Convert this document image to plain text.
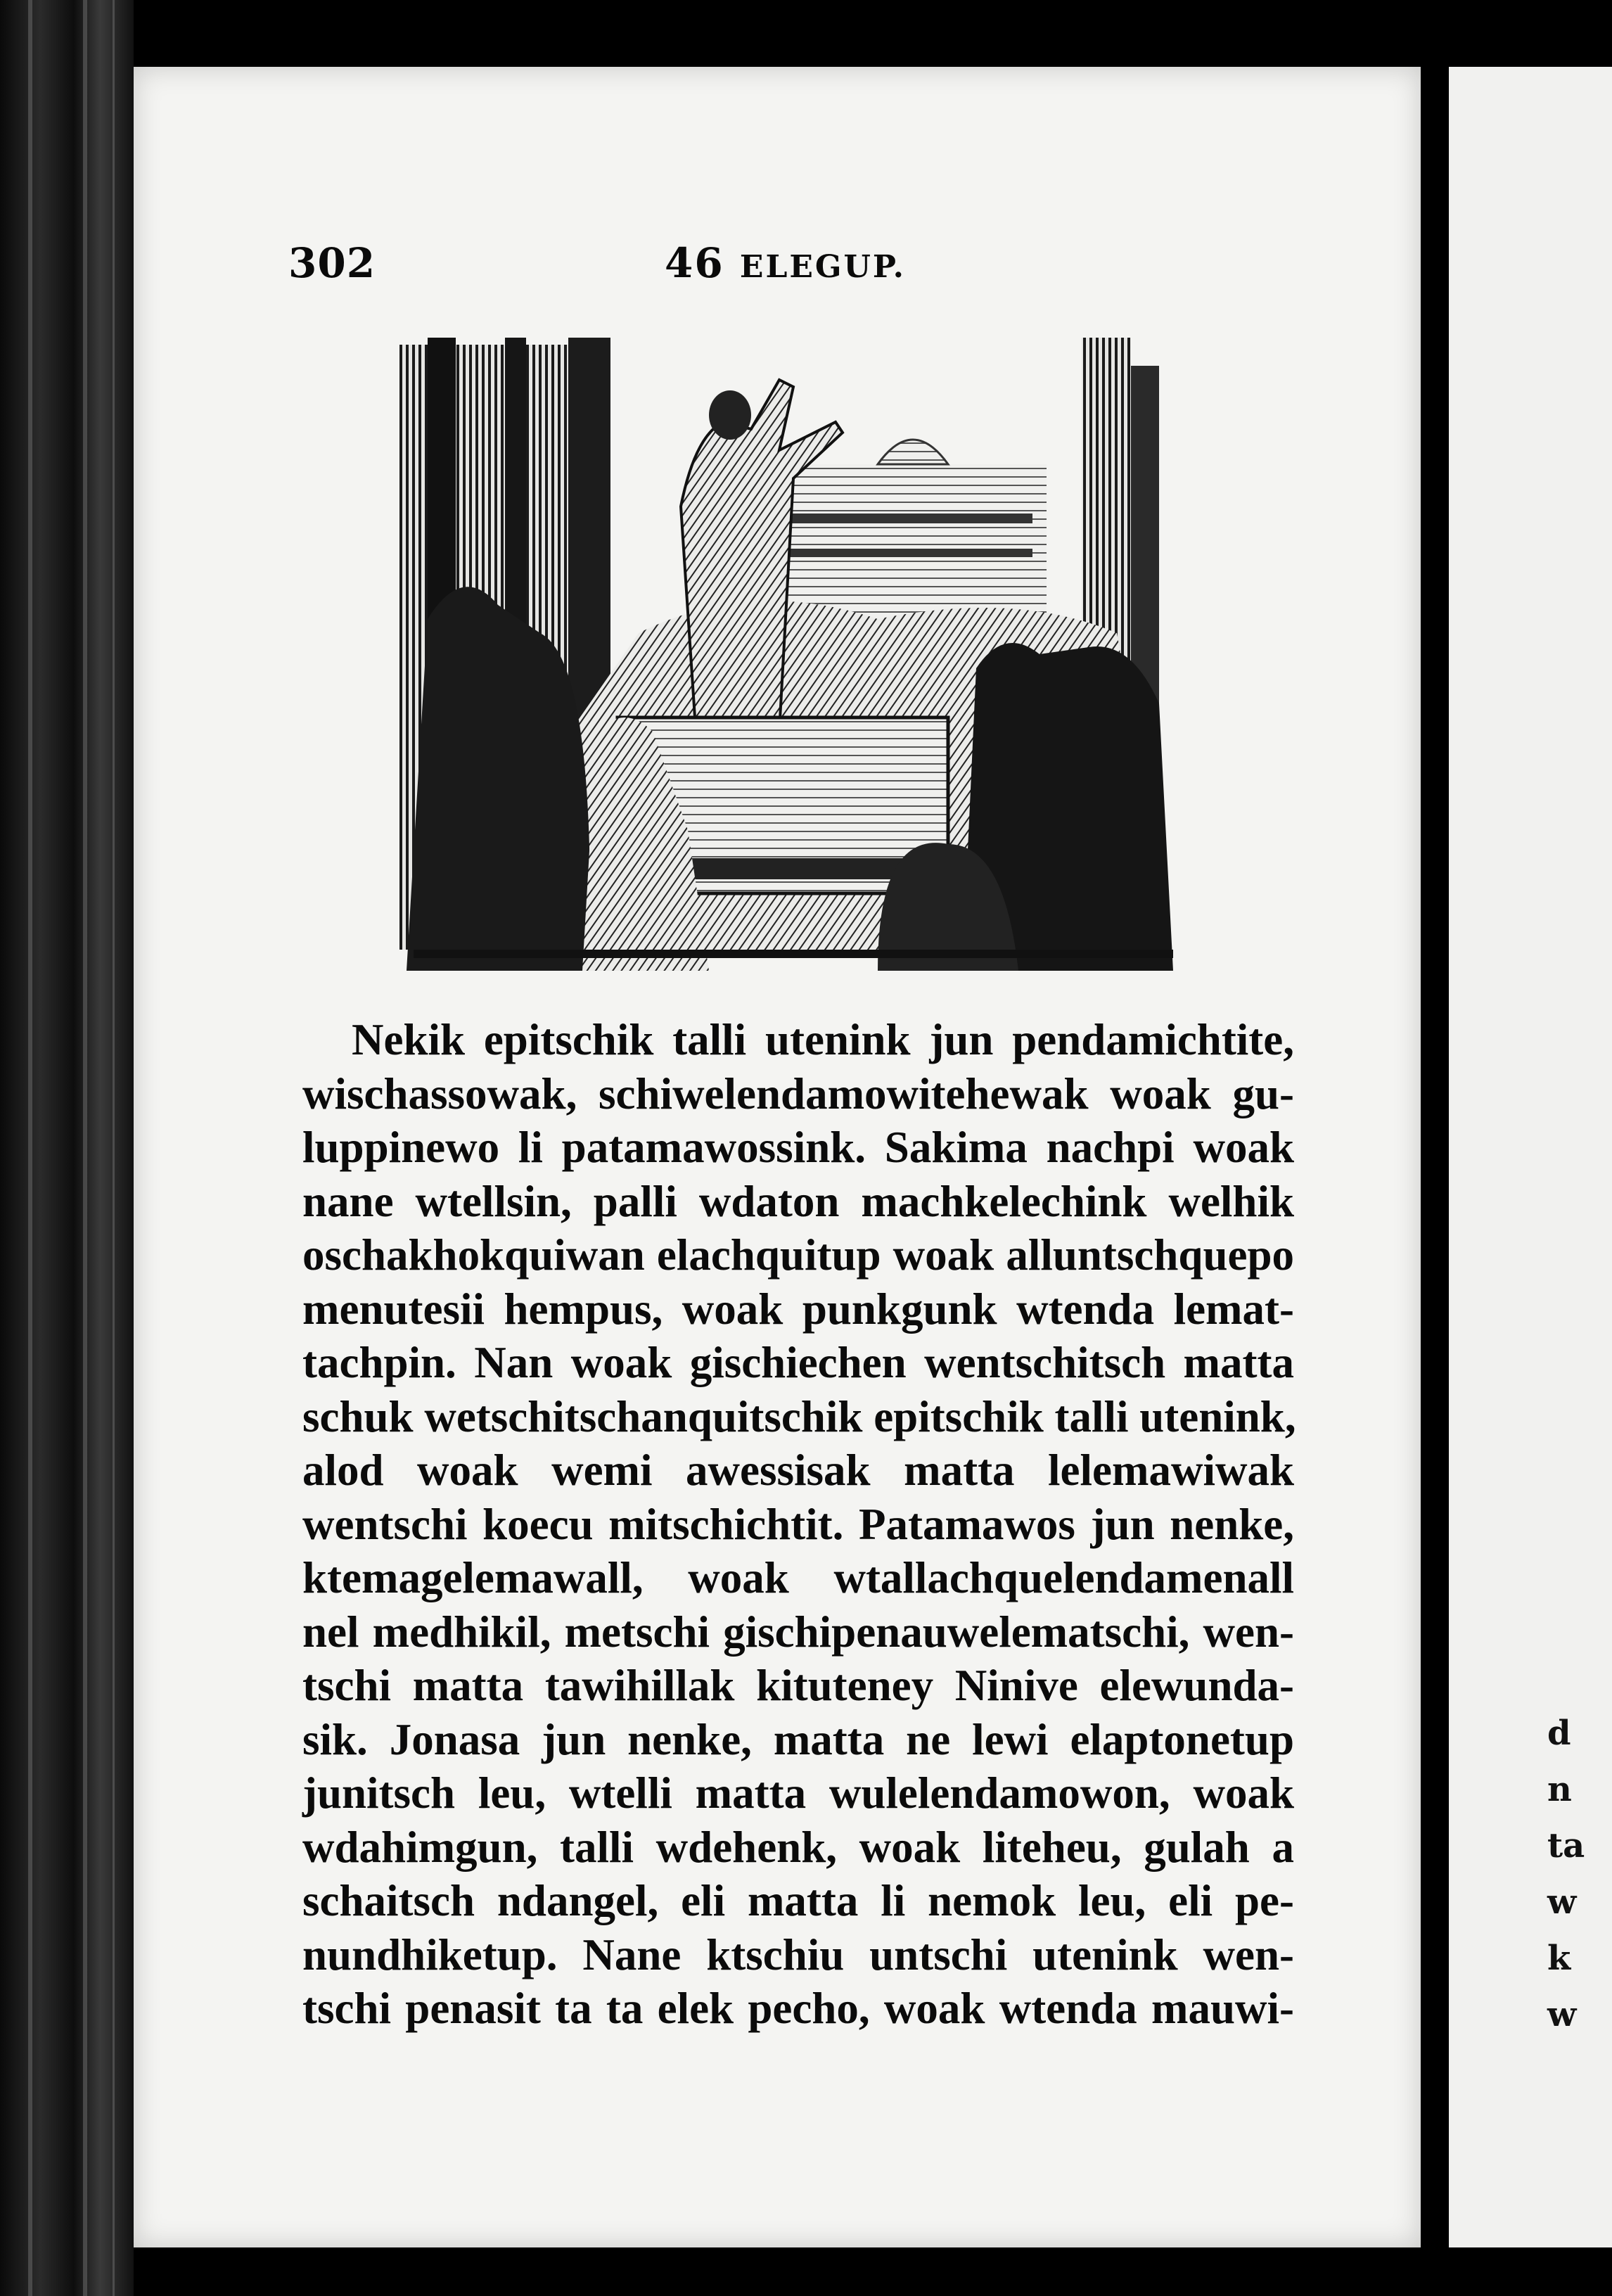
d
n
ta
w
k
w
302	46 ELEGUP.
Nekik epitschik talli utenink jun pendamichtite,
wischassowak, schiwelendamowitehewak woak gu-
luppinewo li patamawossink. Sakima nachpi woak
nane wtellsin, palli wdaton machkelechink welhik
oschakhokquiwan elachquitup woak alluntschquepo
menutesii hempus, woak punkgunk wtenda lemat-
tachpin. Nan woak gischiechen wentschitsch matta
schuk wetschitschanquitschik epitschik talli utenink,
alod woak wemi awessisak matta lelemawiwak
wentschi koecu mitschichtit. Patamawos jun nenke,
ktemagelemawall, woak wtallachquelendamenall
nel medhikil, metschi gischipenauwelematschi, wen-
tschi matta tawihillak kituteney Ninive elewunda-
sik. Jonasa jun nenke, matta ne lewi elaptonetup
junitsch leu, wtelli matta wulelendamowon, woak
wdahimgun, talli wdehenk, woak liteheu, gulah a
schaitsch ndangel, eli matta li nemok leu, eli pe-
nundhiketup. Nane ktschiu untschi utenink wen-
tschi penasit ta ta elek pecho, woak wtenda mauwi-
